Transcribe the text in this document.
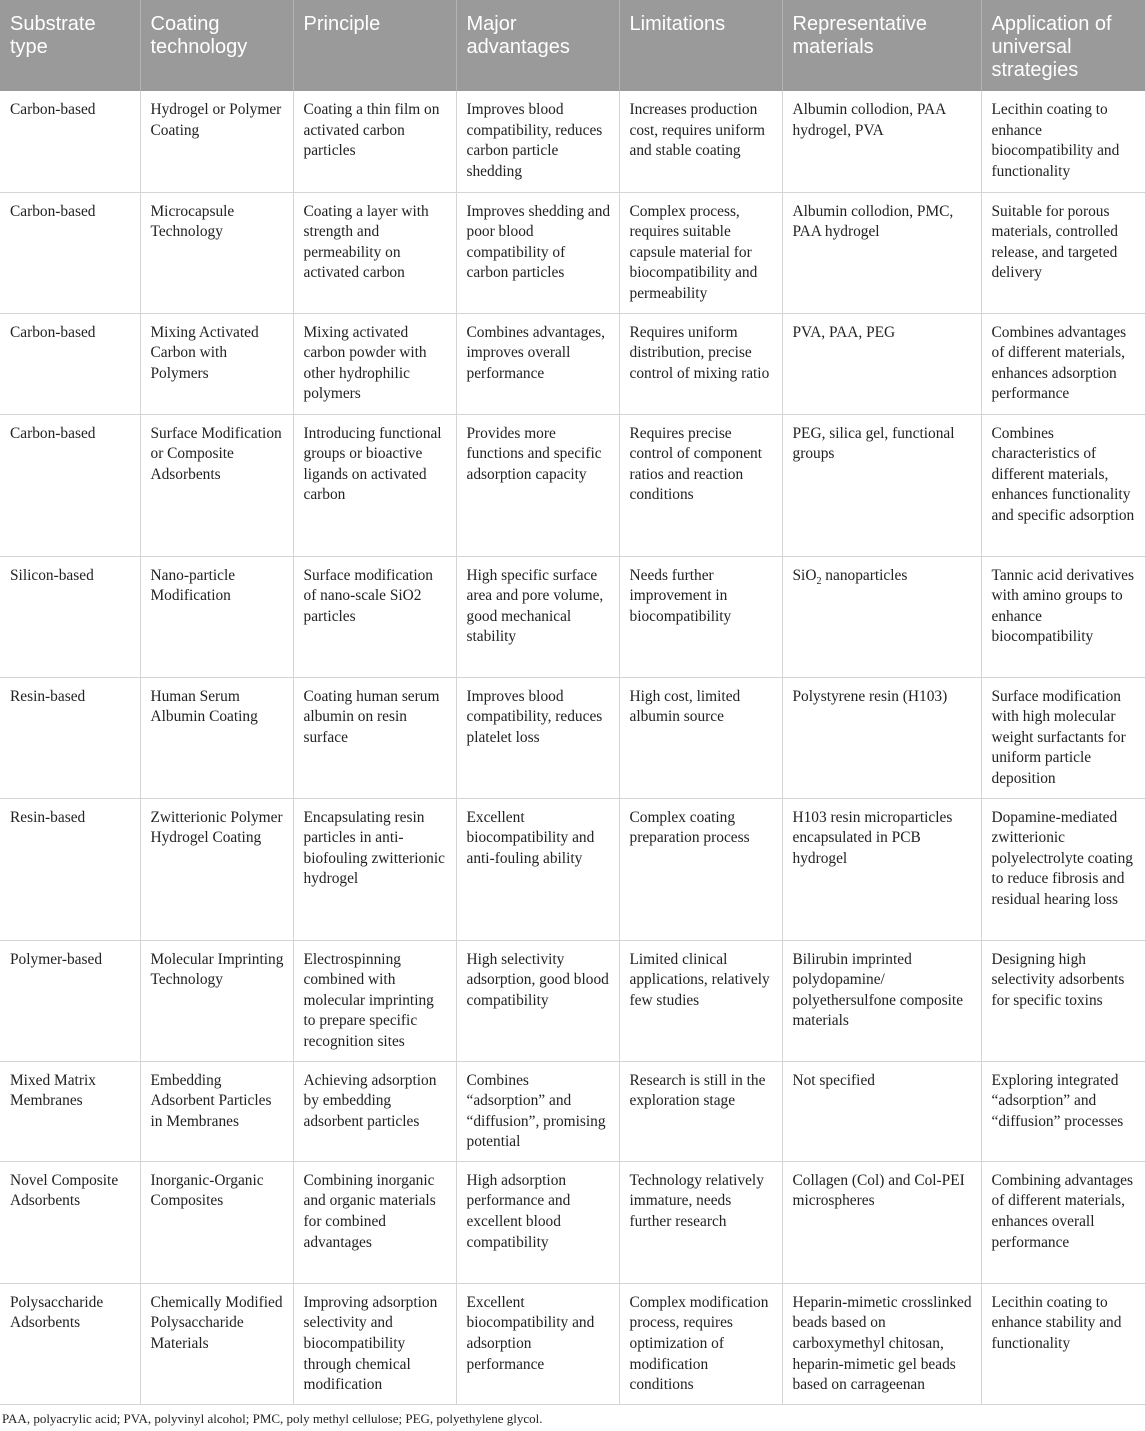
Substrate type	Coating technology	Principle	Major advantages	Limitations	Representative materials	Application of universal strategies
Carbon-based	Hydrogel or Polymer Coating	Coating a thin film on activated carbon particles	Improves blood compatibility, reduces carbon particle shedding	Increases production cost, requires uniform and stable coating	Albumin collodion, PAA hydrogel, PVA	Lecithin coating to enhance biocompatibility and functionality
Carbon-based	Microcapsule Technology	Coating a layer with strength and permeability on activated carbon	Improves shedding and poor blood compatibility of carbon particles	Complex process, requires suitable capsule material for biocompatibility and permeability	Albumin collodion, PMC, PAA hydrogel	Suitable for porous materials, controlled release, and targeted delivery
Carbon-based	Mixing Activated Carbon with Polymers	Mixing activated carbon powder with other hydrophilic polymers	Combines advantages, improves overall performance	Requires uniform distribution, precise control of mixing ratio	PVA, PAA, PEG	Combines advantages of different materials, enhances adsorption performance
Carbon-based	Surface Modification or Composite Adsorbents	Introducing functional groups or bioactive ligands on activated carbon	Provides more functions and specific adsorption capacity	Requires precise control of component ratios and reaction conditions	PEG, silica gel, functional groups	Combines characteristics of different materials, enhances functionality and specific adsorption
Silicon-based	Nano-particle Modification	Surface modification of nano-scale SiO2 particles	High specific surface area and pore volume, good mechanical stability	Needs further improvement in biocompatibility	SiO$_2$ nanoparticles	Tannic acid derivatives with amino groups to enhance biocompatibility
Resin-based	Human Serum Albumin Coating	Coating human serum albumin on resin surface	Improves blood compatibility, reduces platelet loss	High cost, limited albumin source	Polystyrene resin (H103)	Surface modification with high molecular weight surfactants for uniform particle deposition
Resin-based	Zwitterionic Polymer Hydrogel Coating	Encapsulating resin particles in anti-biofouling zwitterionic hydrogel	Excellent biocompatibility and anti-fouling ability	Complex coating preparation process	H103 resin microparticles encapsulated in PCB hydrogel	Dopamine-mediated zwitterionic polyelectrolyte coating to reduce fibrosis and residual hearing loss
Polymer-based	Molecular Imprinting Technology	Electrospinning combined with molecular imprinting to prepare specific recognition sites	High selectivity adsorption, good blood compatibility	Limited clinical applications, relatively few studies	Bilirubin imprinted polydopamine/ polyethersulfone composite materials	Designing high selectivity adsorbents for specific toxins
Mixed Matrix Membranes	Embedding Adsorbent Particles in Membranes	Achieving adsorption by embedding adsorbent particles	Combines “adsorption” and “diffusion”, promising potential	Research is still in the exploration stage	Not specified	Exploring integrated “adsorption” and “diffusion” processes
Novel Composite Adsorbents	Inorganic-Organic Composites	Combining inorganic and organic materials for combined advantages	High adsorption performance and excellent blood compatibility	Technology relatively immature, needs further research	Collagen (Col) and Col-PEI microspheres	Combining advantages of different materials, enhances overall performance
Polysaccharide Adsorbents	Chemically Modified Polysaccharide Materials	Improving adsorption selectivity and biocompatibility through chemical modification	Excellent biocompatibility and adsorption performance	Complex modification process, requires optimization of modification conditions	Heparin-mimetic crosslinked beads based on carboxymethyl chitosan, heparin-mimetic gel beads based on carrageenan	Lecithin coating to enhance stability and functionality
PAA, polyacrylic acid; PVA, polyvinyl alcohol; PMC, poly methyl cellulose; PEG, polyethylene glycol.
